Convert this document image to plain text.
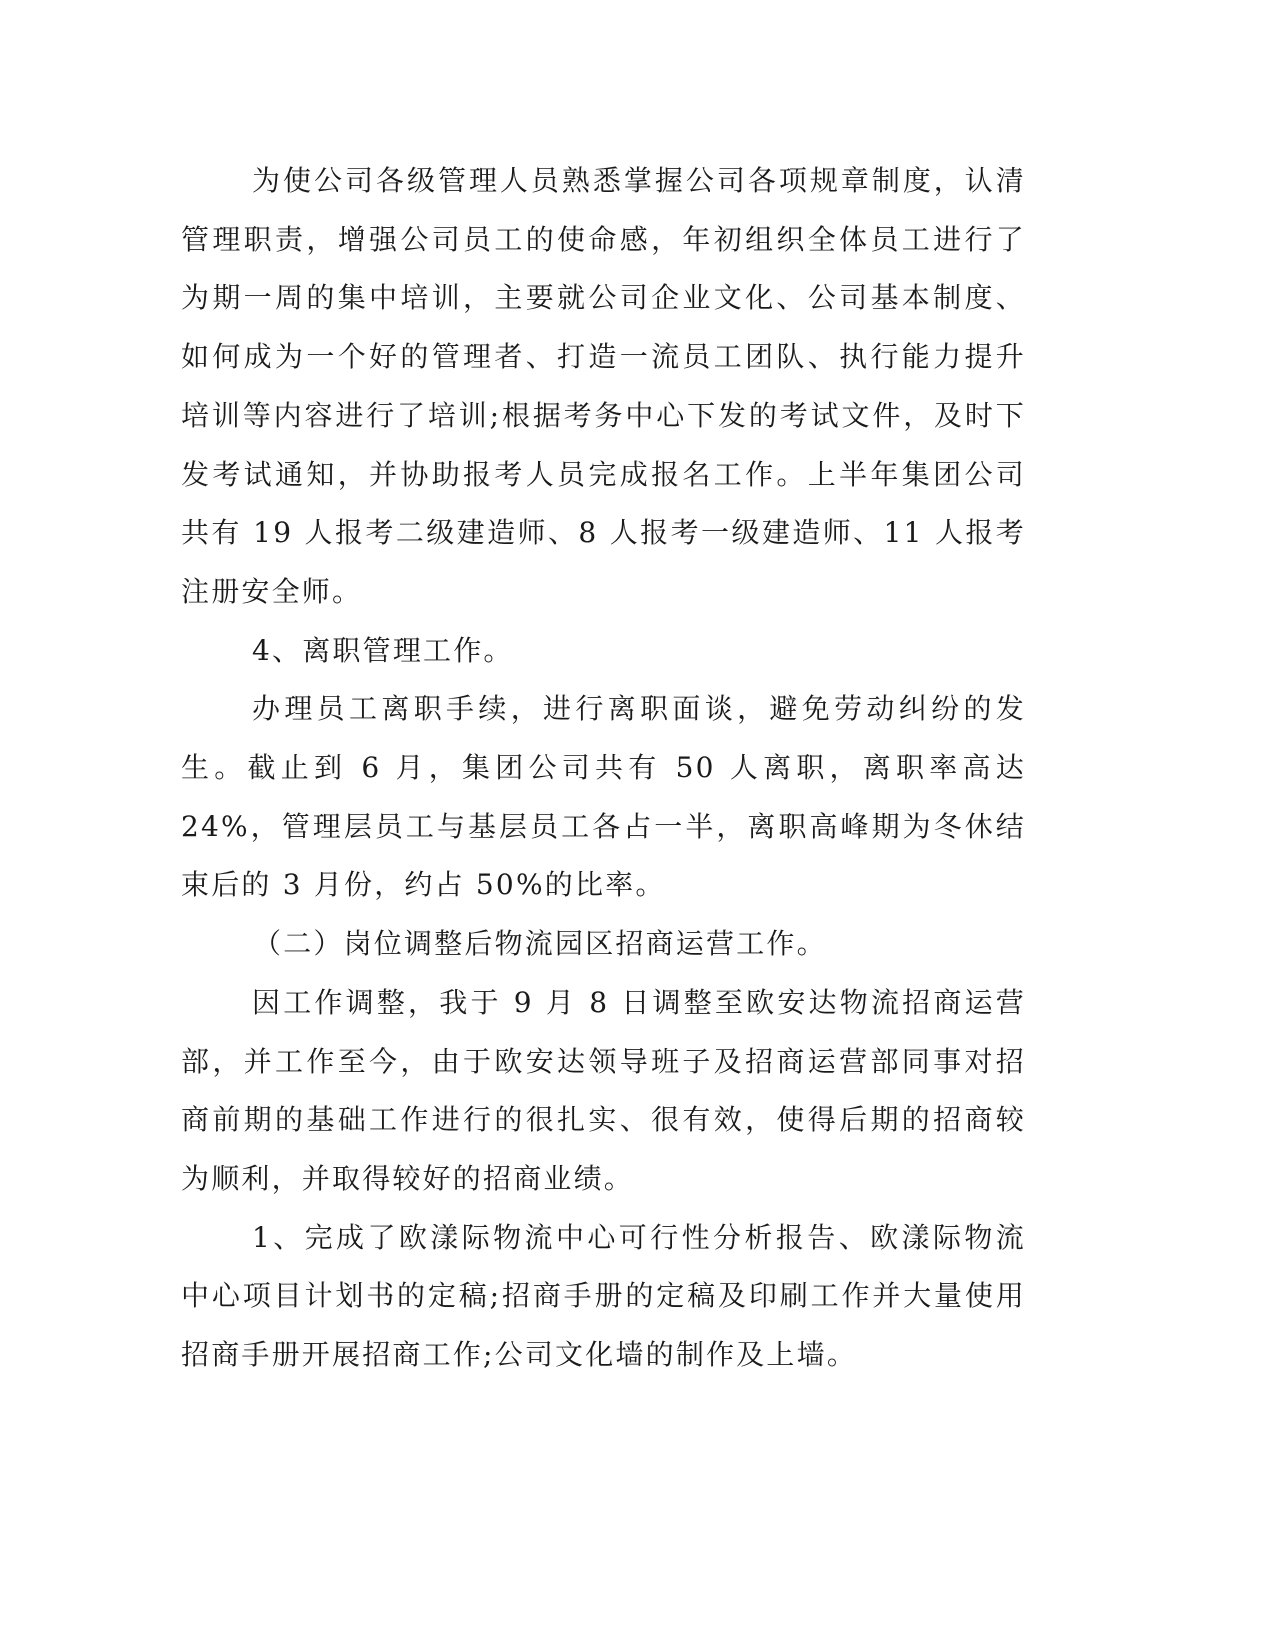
为使公司各级管理人员熟悉掌握公司各项规章制度，认清管理职责，增强公司员工的使命感，年初组织全体员工进行了为期一周的集中培训，主要就公司企业文化、公司基本制度、如何成为一个好的管理者、打造一流员工团队、执行能力提升培训等内容进行了培训;根据考务中心下发的考试文件，及时下发考试通知，并协助报考人员完成报名工作。上半年集团公司共有 19 人报考二级建造师、8 人报考一级建造师、11 人报考注册安全师。

4、离职管理工作。

办理员工离职手续，进行离职面谈，避免劳动纠纷的发生。截止到 6 月，集团公司共有 50 人离职，离职率高达 24%，管理层员工与基层员工各占一半，离职高峰期为冬休结束后的 3 月份，约占 50%的比率。

（二）岗位调整后物流园区招商运营工作。

因工作调整，我于 9 月 8 日调整至欧安达物流招商运营部，并工作至今，由于欧安达领导班子及招商运营部同事对招商前期的基础工作进行的很扎实、很有效，使得后期的招商较为顺利，并取得较好的招商业绩。

1、完成了欧漾际物流中心可行性分析报告、欧漾际物流中心项目计划书的定稿;招商手册的定稿及印刷工作并大量使用招商手册开展招商工作;公司文化墙的制作及上墙。
